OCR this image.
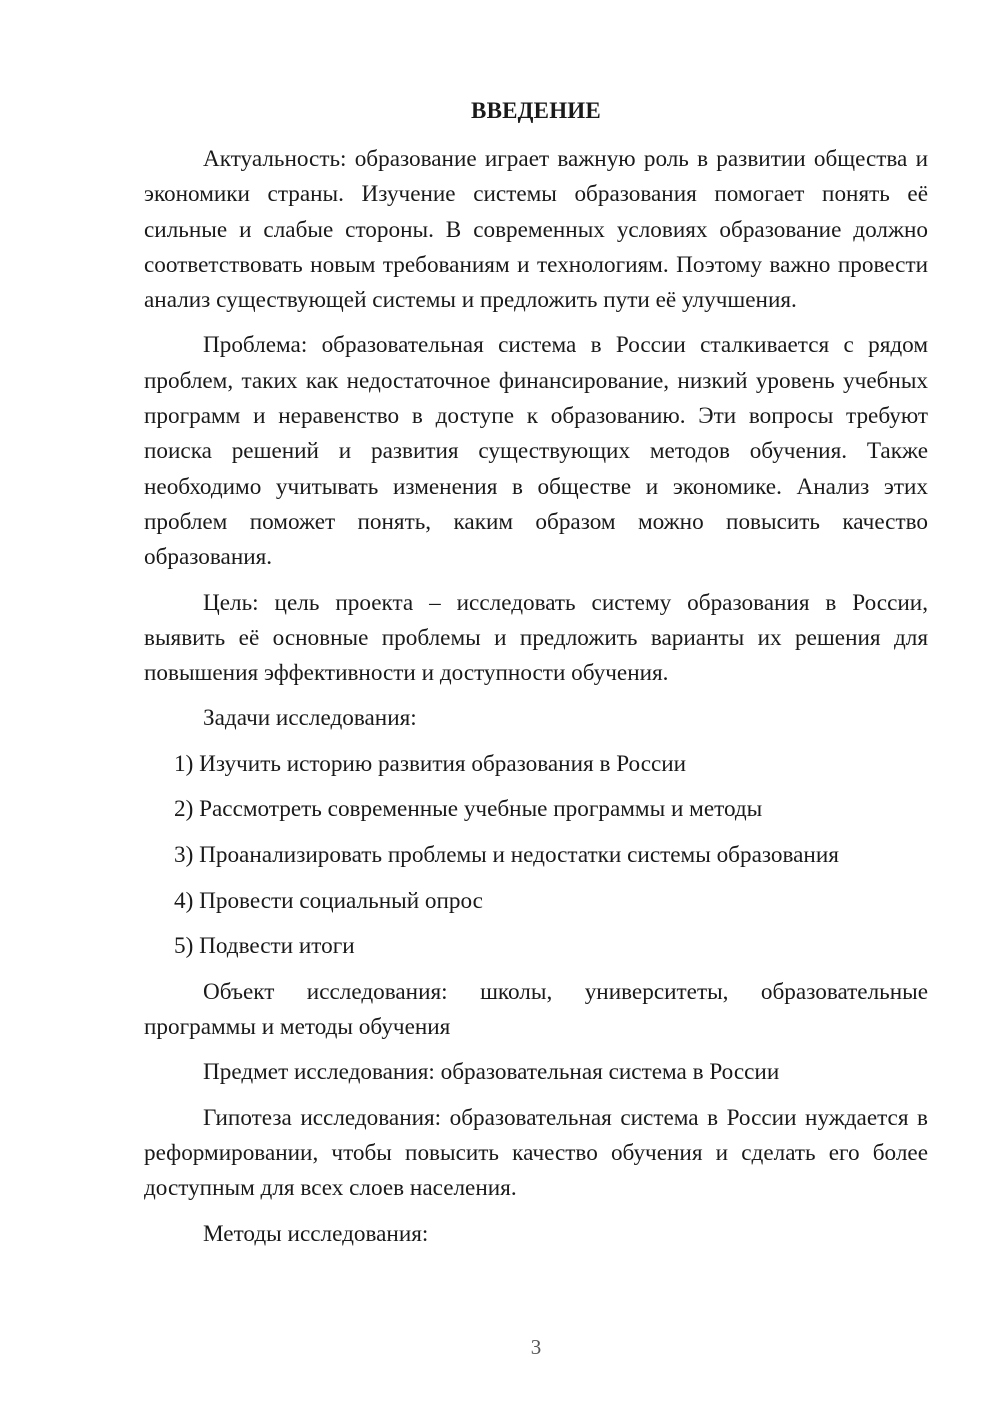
ВВЕДЕНИЕ

Актуальность: образование играет важную роль в развитии общества и экономики страны. Изучение системы образования помогает понять её сильные и слабые стороны. В современных условиях образование должно соответствовать новым требованиям и технологиям. Поэтому важно провести анализ существующей системы и предложить пути её улучшения.

Проблема: образовательная система в России сталкивается с рядом проблем, таких как недостаточное финансирование, низкий уровень учебных программ и неравенство в доступе к образованию. Эти вопросы требуют поиска решений и развития существующих методов обучения. Также необходимо учитывать изменения в обществе и экономике. Анализ этих проблем поможет понять, каким образом можно повысить качество образования.

Цель: цель проекта – исследовать систему образования в России, выявить её основные проблемы и предложить варианты их решения для повышения эффективности и доступности обучения.

Задачи исследования:

1) Изучить историю развития образования в России
2) Рассмотреть современные учебные программы и методы
3) Проанализировать проблемы и недостатки системы образования
4) Провести социальный опрос
5) Подвести итоги

Объект исследования: школы, университеты, образовательные программы и методы обучения

Предмет исследования: образовательная система в России

Гипотеза исследования: образовательная система в России нуждается в реформировании, чтобы повысить качество обучения и сделать его более доступным для всех слоев населения.

Методы исследования:

3
